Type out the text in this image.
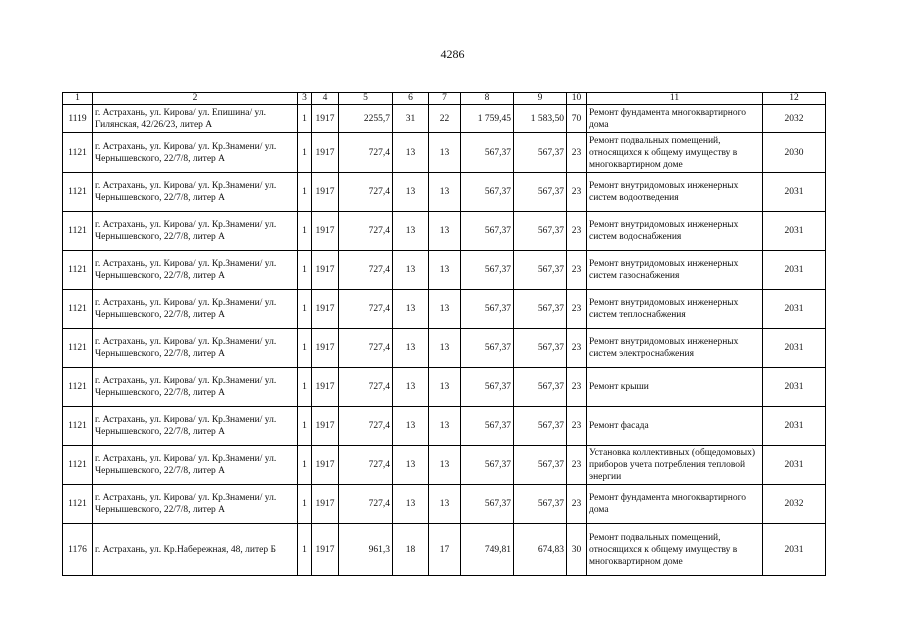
4286
1	2	3	4	5	6	7	8	9	10	11	12
1119	г. Астрахань, ул. Кирова/ ул. Епишина/ ул. Гилянская, 42/26/23, литер А	1	1917	2255,7	31	22	1 759,45	1 583,50	70	Ремонт фундамента многоквартирного дома	2032
1121	г. Астрахань, ул. Кирова/ ул. Кр.Знамени/ ул. Чернышевского, 22/7/8, литер А	1	1917	727,4	13	13	567,37	567,37	23	Ремонт подвальных помещений, относящихся к общему имуществу в многоквартирном доме	2030
1121	г. Астрахань, ул. Кирова/ ул. Кр.Знамени/ ул. Чернышевского, 22/7/8, литер А	1	1917	727,4	13	13	567,37	567,37	23	Ремонт внутридомовых инженерных систем водоотведения	2031
1121	г. Астрахань, ул. Кирова/ ул. Кр.Знамени/ ул. Чернышевского, 22/7/8, литер А	1	1917	727,4	13	13	567,37	567,37	23	Ремонт внутридомовых инженерных систем водоснабжения	2031
1121	г. Астрахань, ул. Кирова/ ул. Кр.Знамени/ ул. Чернышевского, 22/7/8, литер А	1	1917	727,4	13	13	567,37	567,37	23	Ремонт внутридомовых инженерных систем газоснабжения	2031
1121	г. Астрахань, ул. Кирова/ ул. Кр.Знамени/ ул. Чернышевского, 22/7/8, литер А	1	1917	727,4	13	13	567,37	567,37	23	Ремонт внутридомовых инженерных систем теплоснабжения	2031
1121	г. Астрахань, ул. Кирова/ ул. Кр.Знамени/ ул. Чернышевского, 22/7/8, литер А	1	1917	727,4	13	13	567,37	567,37	23	Ремонт внутридомовых инженерных систем электроснабжения	2031
1121	г. Астрахань, ул. Кирова/ ул. Кр.Знамени/ ул. Чернышевского, 22/7/8, литер А	1	1917	727,4	13	13	567,37	567,37	23	Ремонт крыши	2031
1121	г. Астрахань, ул. Кирова/ ул. Кр.Знамени/ ул. Чернышевского, 22/7/8, литер А	1	1917	727,4	13	13	567,37	567,37	23	Ремонт фасада	2031
1121	г. Астрахань, ул. Кирова/ ул. Кр.Знамени/ ул. Чернышевского, 22/7/8, литер А	1	1917	727,4	13	13	567,37	567,37	23	Установка коллективных (общедомовых) приборов учета потребления тепловой энергии	2031
1121	г. Астрахань, ул. Кирова/ ул. Кр.Знамени/ ул. Чернышевского, 22/7/8, литер А	1	1917	727,4	13	13	567,37	567,37	23	Ремонт фундамента многоквартирного дома	2032
1176	г. Астрахань, ул. Кр.Набережная, 48, литер Б	1	1917	961,3	18	17	749,81	674,83	30	Ремонт подвальных помещений, относящихся к общему имуществу в многоквартирном доме	2031
